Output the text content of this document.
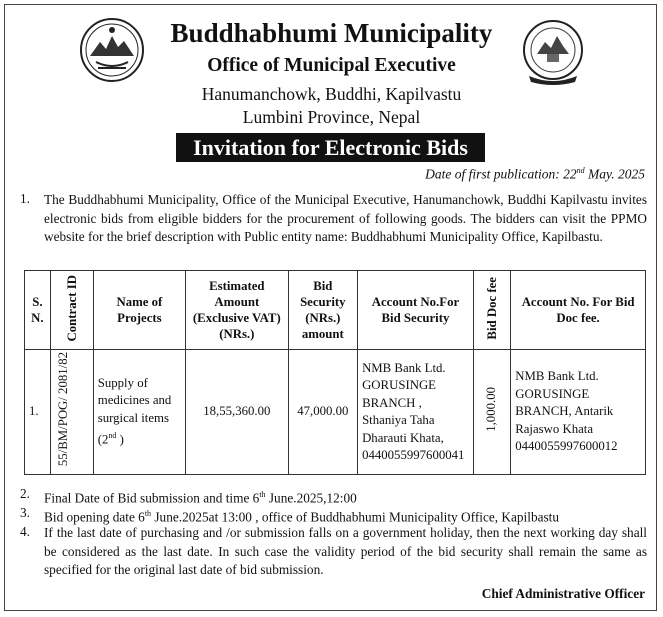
Buddhabhumi Municipality
Office of Municipal Executive
Hanumanchowk, Buddhi, Kapilvastu
Lumbini Province, Nepal
Invitation for Electronic Bids
Date of first publication: 22nd May. 2025
1. The Buddhabhumi Municipality, Office of the Municipal Executive, Hanumanchowk, Buddhi Kapilvastu invites electronic bids from eligible bidders for the procurement of following goods. The bidders can visit the PPMO website for the brief description with Public entity name: Buddhabhumi Municipality Office, Kapilbastu.
S. N.	Contract ID	Name of Projects	Estimated Amount (Exclusive VAT) (NRs.)	Bid Security (NRs.) amount	Account No.For Bid Security	Bid Doc fee	Account No. For Bid Doc fee.
1.	55/BM/POG/ 2081/82	Supply of medicines and surgical items (2nd )	18,55,360.00	47,000.00	NMB Bank Ltd. GORUSINGE BRANCH , Sthaniya Taha Dharauti Khata, 0440055997600041	1,000.00	NMB Bank Ltd. GORUSINGE BRANCH, Antarik Rajaswo Khata 0440055997600012
2. Final Date of Bid submission and time 6th June.2025,12:00
3. Bid opening date 6th June.2025at 13:00 , office of Buddhabhumi Municipality Office, Kapilbastu
4. If the last date of purchasing and /or submission falls on a government holiday, then the next working day shall be considered as the last date. In such case the validity period of the bid security shall remain the same as specified for the original last date of bid submission.
Chief Administrative Officer
